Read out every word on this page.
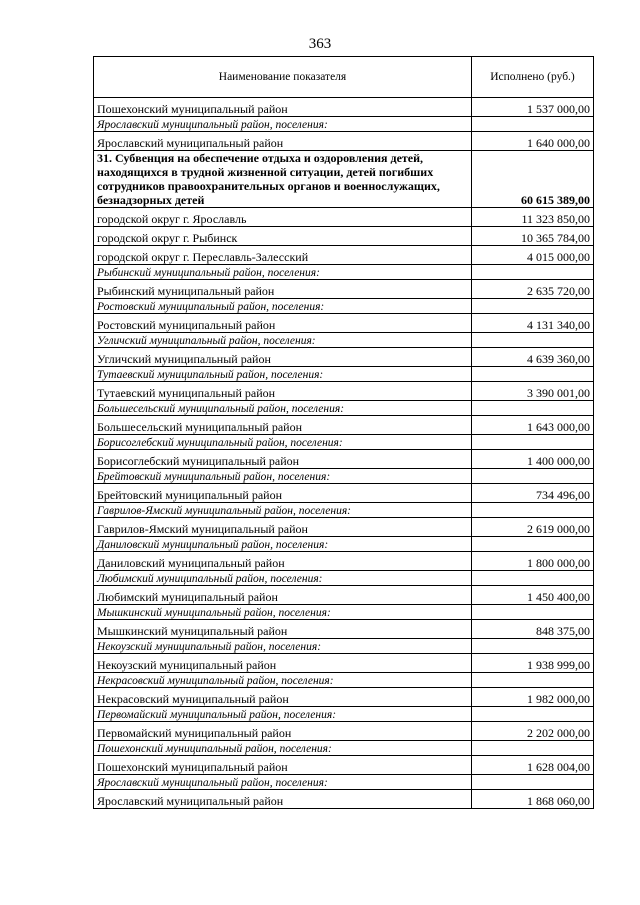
363
Наименование показателя	Исполнено (руб.)
Пошехонский муниципальный район	1 537 000,00
Ярославский муниципальный район, поселения:	
Ярославский муниципальный район	1 640 000,00
31. Субвенция на обеспечение отдыха и оздоровления детей, находящихся в трудной жизненной ситуации, детей погибших сотрудников правоохранительных органов и военнослужащих, безнадзорных детей	60 615 389,00
городской округ г. Ярославль	11 323 850,00
городской округ г. Рыбинск	10 365 784,00
городской округ г. Переславль-Залесский	4 015 000,00
Рыбинский муниципальный район, поселения:	
Рыбинский муниципальный район	2 635 720,00
Ростовский муниципальный район, поселения:	
Ростовский муниципальный район	4 131 340,00
Угличский муниципальный район, поселения:	
Угличский муниципальный район	4 639 360,00
Тутаевский муниципальный район, поселения:	
Тутаевский муниципальный район	3 390 001,00
Большесельский муниципальный район, поселения:	
Большесельский муниципальный район	1 643 000,00
Борисоглебский муниципальный район, поселения:	
Борисоглебский муниципальный район	1 400 000,00
Брейтовский муниципальный район, поселения:	
Брейтовский муниципальный район	734 496,00
Гаврилов-Ямский муниципальный район, поселения:	
Гаврилов-Ямский муниципальный район	2 619 000,00
Даниловский муниципальный район, поселения:	
Даниловский муниципальный район	1 800 000,00
Любимский муниципальный район, поселения:	
Любимский муниципальный район	1 450 400,00
Мышкинский муниципальный район, поселения:	
Мышкинский муниципальный район	848 375,00
Некоузский муниципальный район, поселения:	
Некоузский муниципальный район	1 938 999,00
Некрасовский муниципальный район, поселения:	
Некрасовский муниципальный район	1 982 000,00
Первомайский муниципальный район, поселения:	
Первомайский муниципальный район	2 202 000,00
Пошехонский муниципальный район, поселения:	
Пошехонский муниципальный район	1 628 004,00
Ярославский муниципальный район, поселения:	
Ярославский муниципальный район	1 868 060,00
